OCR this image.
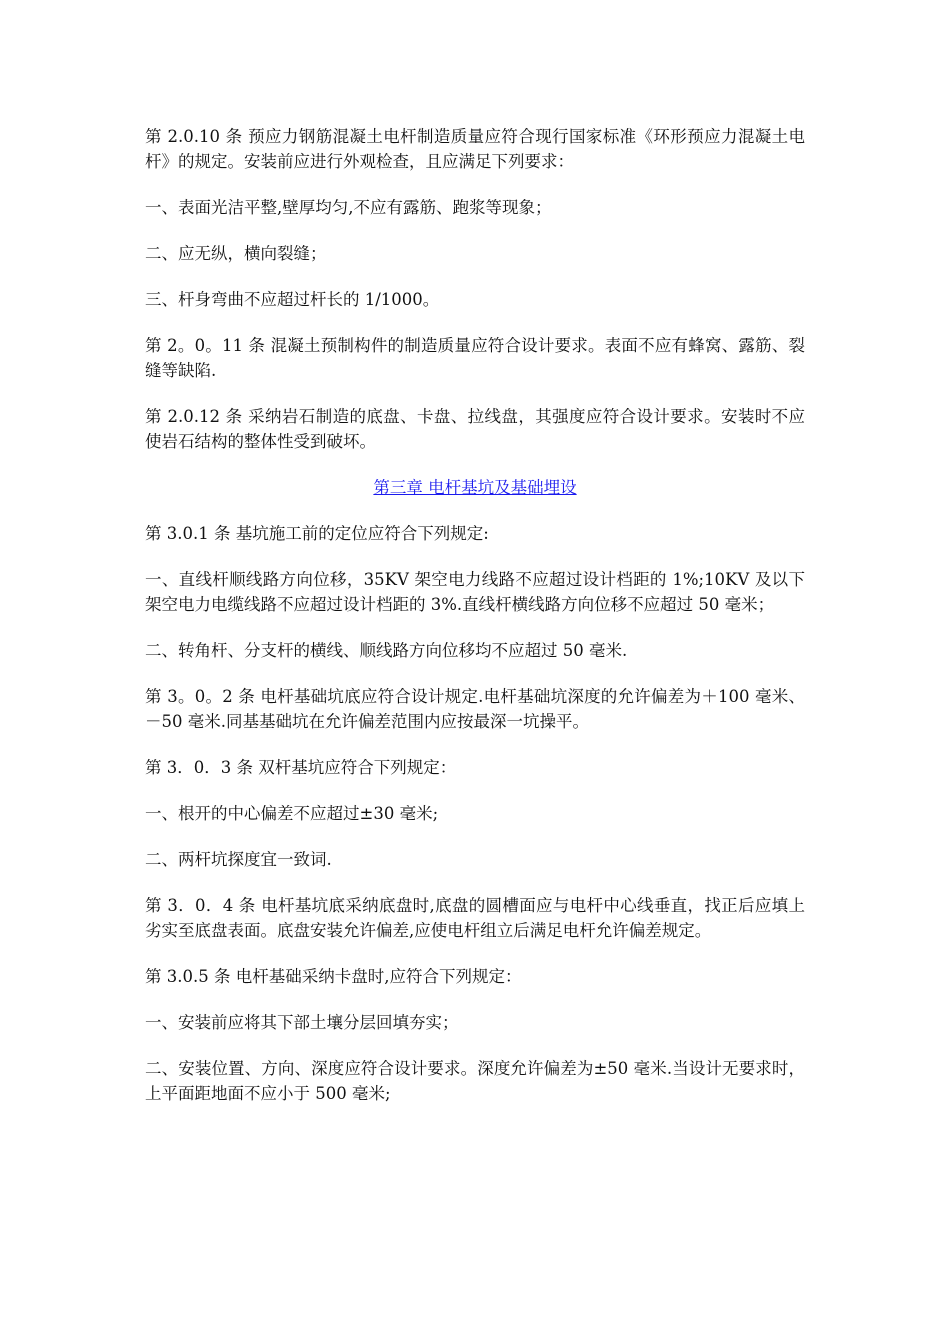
第 2.0.10 条 预应力钢筋混凝土电杆制造质量应符合现行国家标准《环形预应力混凝土电杆》的规定。安装前应进行外观检查，且应满足下列要求：

一、表面光洁平整,壁厚均匀,不应有露筋、跑浆等现象；

二、应无纵，横向裂缝；

三、杆身弯曲不应超过杆长的 1/1000。

第 2。0。11 条 混凝土预制构件的制造质量应符合设计要求。表面不应有蜂窝、露筋、裂缝等缺陷.

第 2.0.12 条 采纳岩石制造的底盘、卡盘、拉线盘，其强度应符合设计要求。安装时不应使岩石结构的整体性受到破坏。

第三章 电杆基坑及基础埋设

第 3.0.1 条 基坑施工前的定位应符合下列规定:

一、直线杆顺线路方向位移，35KV 架空电力线路不应超过设计档距的 1%;10KV 及以下架空电力电缆线路不应超过设计档距的 3%.直线杆横线路方向位移不应超过 50 毫米；

二、转角杆、分支杆的横线、顺线路方向位移均不应超过 50 毫米.

第 3。0。2 条 电杆基础坑底应符合设计规定.电杆基础坑深度的允许偏差为＋100 毫米、－50 毫米.同基基础坑在允许偏差范围内应按最深一坑操平。

第 3．0．3 条 双杆基坑应符合下列规定：

一、根开的中心偏差不应超过±30 毫米;

二、两杆坑探度宜一致词.

第 3．0．4 条 电杆基坑底采纳底盘时,底盘的圆槽面应与电杆中心线垂直，找正后应填上劣实至底盘表面。底盘安装允许偏差,应使电杆组立后满足电杆允许偏差规定。

第 3.0.5 条 电杆基础采纳卡盘时,应符合下列规定：

一、安装前应将其下部土壤分层回填夯实；

二、安装位置、方向、深度应符合设计要求。深度允许偏差为±50 毫米.当设计无要求时，上平面距地面不应小于 500 毫米;
